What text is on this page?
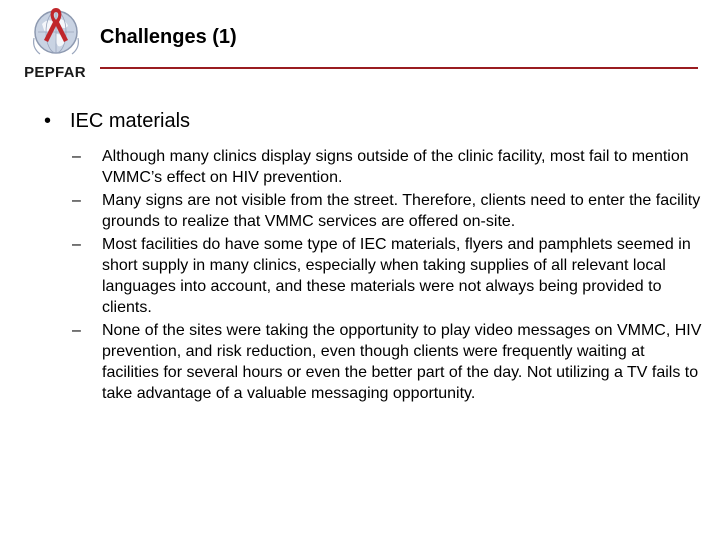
PEPFAR
Challenges (1)
• IEC materials
–	Although many clinics display signs outside of the clinic facility, most fail to mention VMMC’s effect on HIV prevention.
–	Many signs are not visible from the street. Therefore, clients need to enter the facility grounds to realize that VMMC services are offered on-site.
–	Most facilities do have some type of IEC materials, flyers and pamphlets seemed in short supply in many clinics, especially when taking supplies of all relevant local languages into account, and these materials were not always being provided to clients.
–	None of the sites were taking the opportunity to play video messages on VMMC, HIV prevention, and risk reduction, even though clients were frequently waiting at facilities for several hours or even the better part of the day. Not utilizing a TV fails to take advantage of a valuable messaging opportunity.
